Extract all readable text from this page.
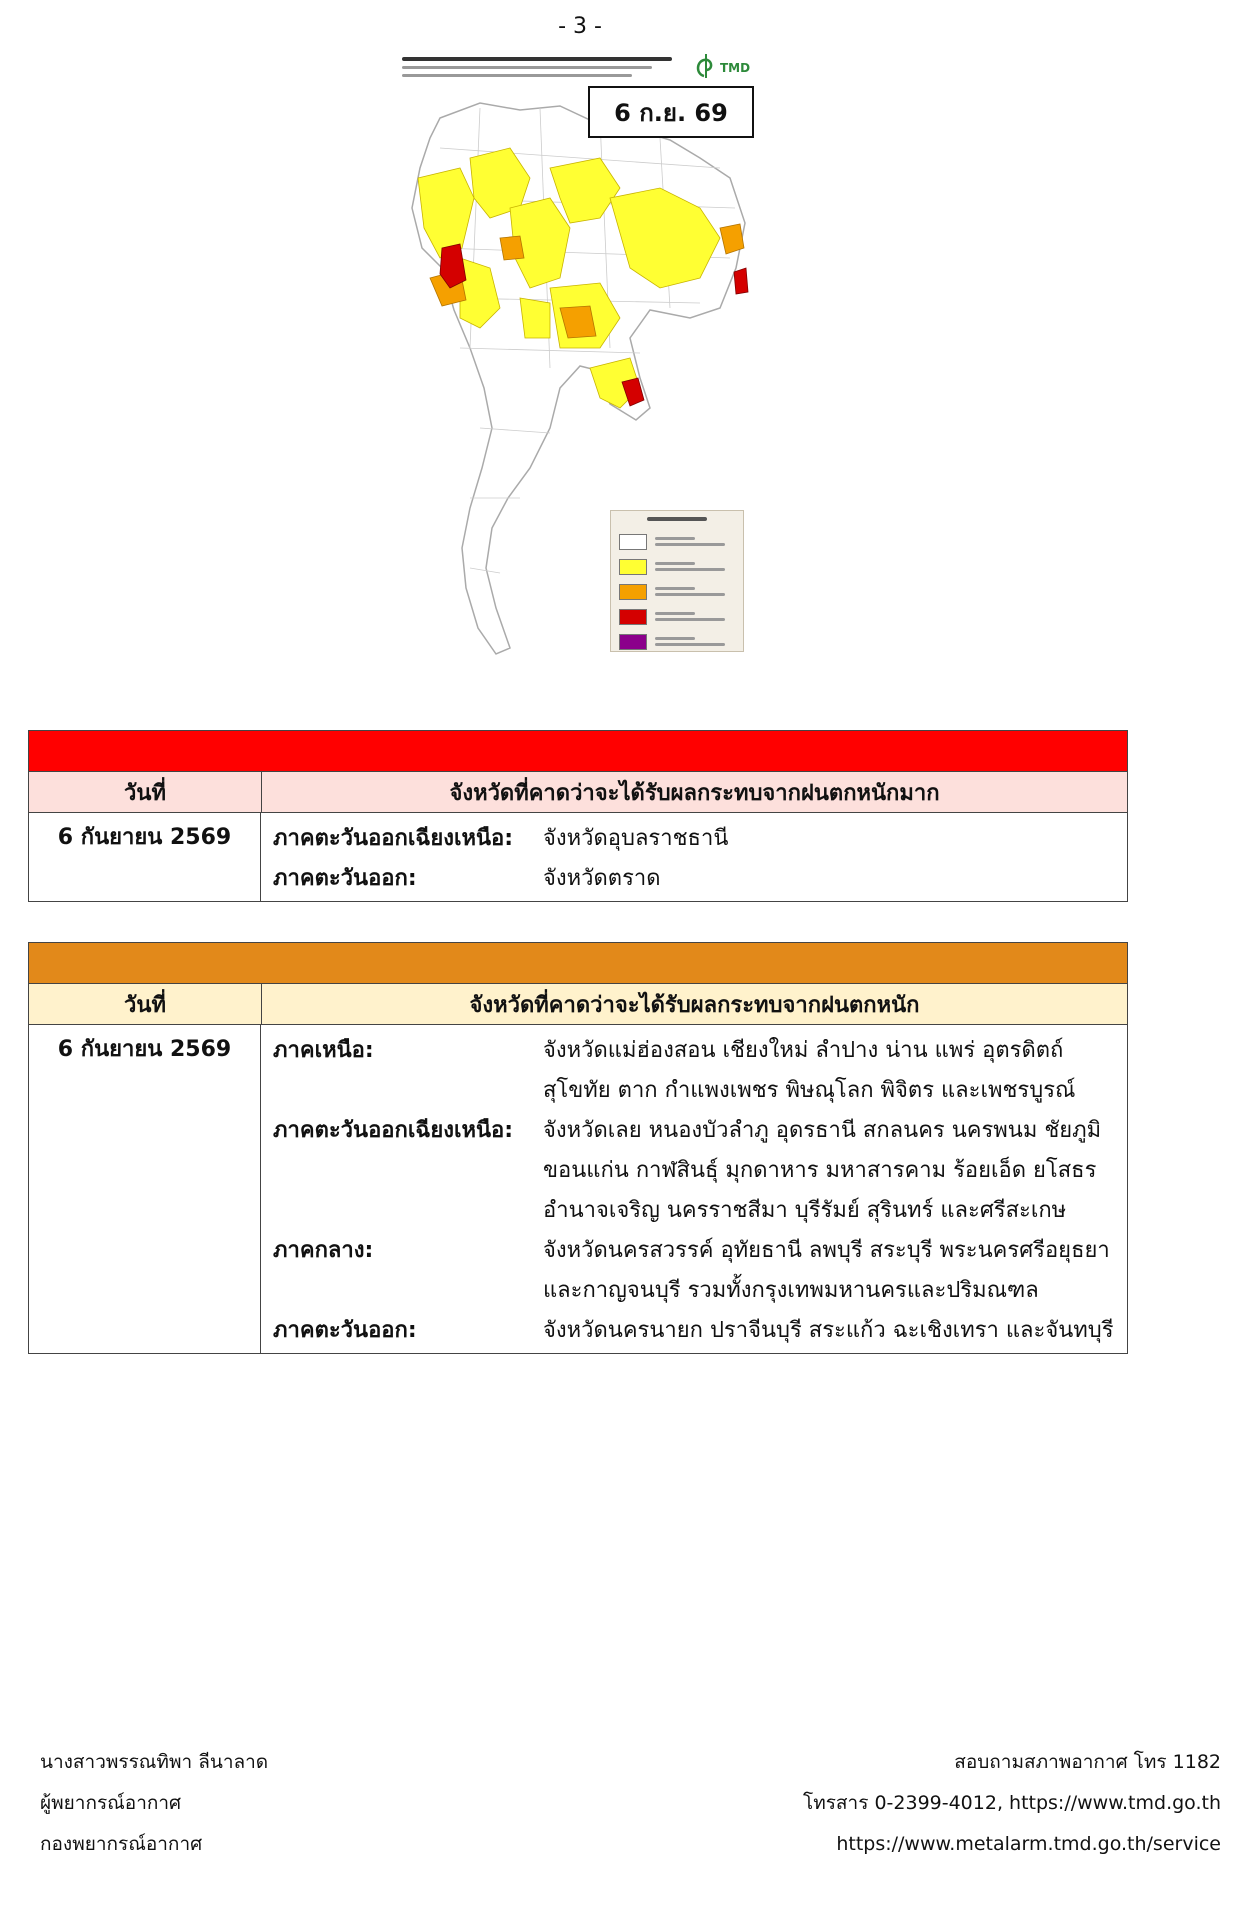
- 3 -
TMD
6 ก.ย. 69
วันที่	จังหวัดที่คาดว่าจะได้รับผลกระทบจากฝนตกหนักมาก
6 กันยายน 2569	ภาคตะวันออกเฉียงเหนือ:	จังหวัดอุบลราชธานี
ภาคตะวันออก:	จังหวัดตราด
วันที่	จังหวัดที่คาดว่าจะได้รับผลกระทบจากฝนตกหนัก
6 กันยายน 2569	ภาคเหนือ:	จังหวัดแม่ฮ่องสอน เชียงใหม่ ลำปาง น่าน แพร่ อุตรดิตถ์
สุโขทัย ตาก กำแพงเพชร พิษณุโลก พิจิตร และเพชรบูรณ์
ภาคตะวันออกเฉียงเหนือ:	จังหวัดเลย หนองบัวลำภู อุดรธานี สกลนคร นครพนม ชัยภูมิ
ขอนแก่น กาฬสินธุ์ มุกดาหาร มหาสารคาม ร้อยเอ็ด ยโสธร
อำนาจเจริญ นครราชสีมา บุรีรัมย์ สุรินทร์ และศรีสะเกษ
ภาคกลาง:	จังหวัดนครสวรรค์ อุทัยธานี ลพบุรี สระบุรี พระนครศรีอยุธยา
และกาญจนบุรี รวมทั้งกรุงเทพมหานครและปริมณฑล
ภาคตะวันออก:	จังหวัดนครนายก ปราจีนบุรี สระแก้ว ฉะเชิงเทรา และจันทบุรี
นางสาวพรรณทิพา ลีนาลาด
ผู้พยากรณ์อากาศ
กองพยากรณ์อากาศ
สอบถามสภาพอากาศ โทร 1182
โทรสาร 0-2399-4012, https://www.tmd.go.th
https://www.metalarm.tmd.go.th/service
